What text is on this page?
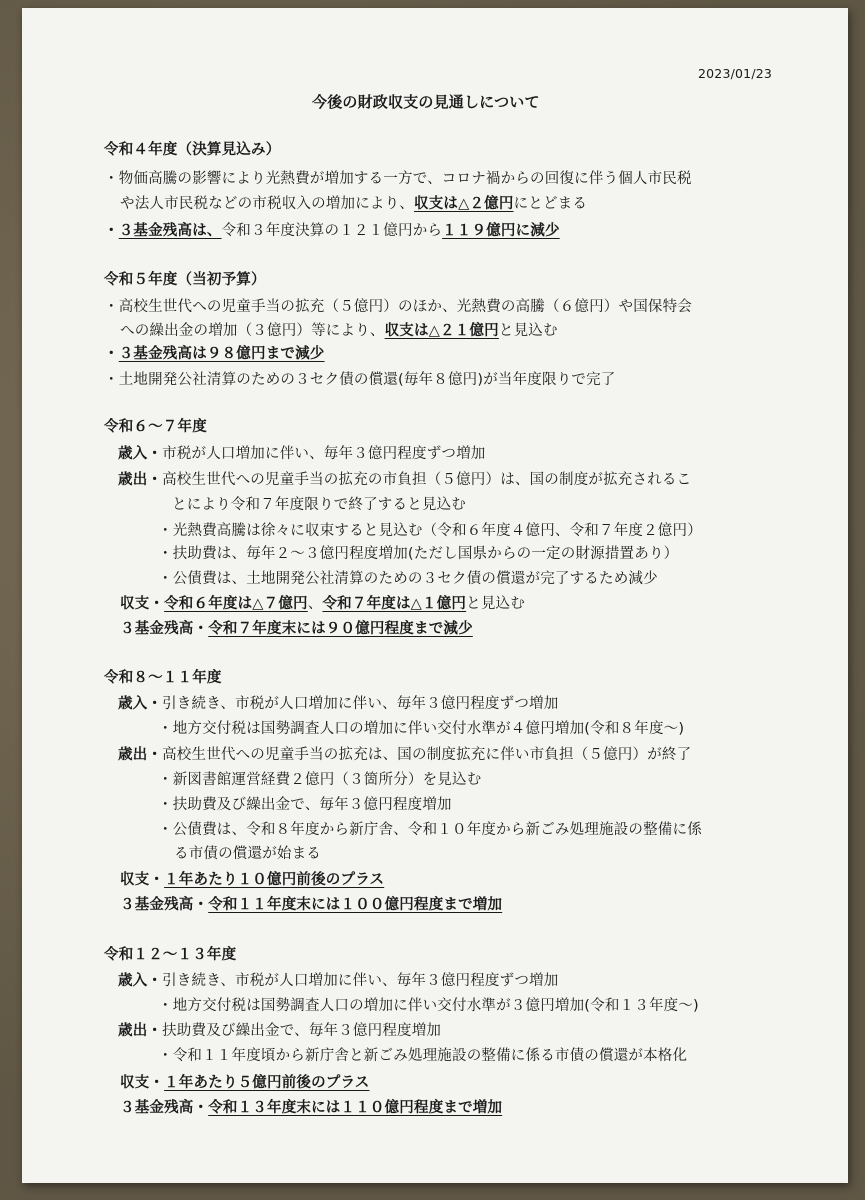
2023/01/23
今後の財政収支の見通しについて
令和４年度（決算見込み）
・物価高騰の影響により光熱費が増加する一方で、コロナ禍からの回復に伴う個人市民税
や法人市民税などの市税収入の増加により、収支は△２億円にとどまる
・３基金残高は、令和３年度決算の１２１億円から１１９億円に減少
令和５年度（当初予算）
・高校生世代への児童手当の拡充（５億円）のほか、光熱費の高騰（６億円）や国保特会
への繰出金の増加（３億円）等により、収支は△２１億円と見込む
・３基金残高は９８億円まで減少
・土地開発公社清算のための３セク債の償還(毎年８億円)が当年度限りで完了
令和６～７年度
歳入・市税が人口増加に伴い、毎年３億円程度ずつ増加
歳出・高校生世代への児童手当の拡充の市負担（５億円）は、国の制度が拡充されるこ
とにより令和７年度限りで終了すると見込む
・光熱費高騰は徐々に収束すると見込む（令和６年度４億円、令和７年度２億円）
・扶助費は、毎年２～３億円程度増加(ただし国県からの一定の財源措置あり）
・公債費は、土地開発公社清算のための３セク債の償還が完了するため減少
収支・令和６年度は△７億円、令和７年度は△１億円と見込む
３基金残高・令和７年度末には９０億円程度まで減少
令和８～１１年度
歳入・引き続き、市税が人口増加に伴い、毎年３億円程度ずつ増加
・地方交付税は国勢調査人口の増加に伴い交付水準が４億円増加(令和８年度～)
歳出・高校生世代への児童手当の拡充は、国の制度拡充に伴い市負担（５億円）が終了
・新図書館運営経費２億円（３箇所分）を見込む
・扶助費及び繰出金で、毎年３億円程度増加
・公債費は、令和８年度から新庁舎、令和１０年度から新ごみ処理施設の整備に係
る市債の償還が始まる
収支・１年あたり１０億円前後のプラス
３基金残高・令和１１年度末には１００億円程度まで増加
令和１２～１３年度
歳入・引き続き、市税が人口増加に伴い、毎年３億円程度ずつ増加
・地方交付税は国勢調査人口の増加に伴い交付水準が３億円増加(令和１３年度～)
歳出・扶助費及び繰出金で、毎年３億円程度増加
・令和１１年度頃から新庁舎と新ごみ処理施設の整備に係る市債の償還が本格化
収支・１年あたり５億円前後のプラス
３基金残高・令和１３年度末には１１０億円程度まで増加
